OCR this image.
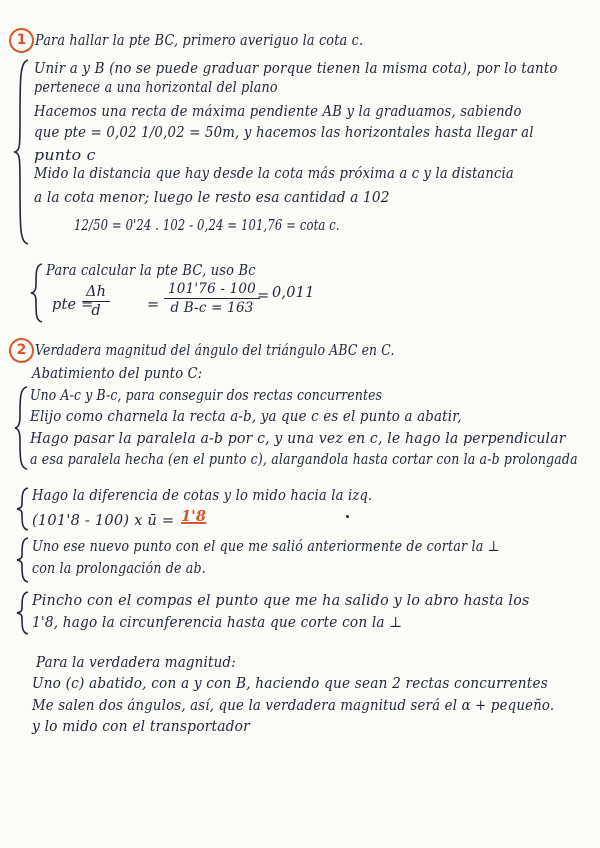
1 Para hallar la pte BC, primero averiguo la cota c.
Unir a y B (no se puede graduar porque tienen la misma cota), por lo tanto
pertenece a una horizontal del plano
Hacemos una recta de máxima pendiente AB y la graduamos, sabiendo
que pte = 0,02 1/0,02 = 50m, y hacemos las horizontales hasta llegar al
punto c
Mido la distancia que hay desde la cota más próxima a c y la distancia
a la cota menor; luego le resto esa cantidad a 102
12/50 = 0'24 . 102 - 0,24 = 101,76 = cota c.
Para calcular la pte BC, uso Bc
pte =
$\frac{\Delta h}{d}$	= $\frac{101'76 - 100}{\text{d B-c = 163}}$
= 0,011
2 Verdadera magnitud del ángulo del triángulo ABC en C.
Abatimiento del punto C:
Uno A-c y B-c, para conseguir dos rectas concurrentes
Elijo como charnela la recta a-b, ya que c es el punto a abatir,
Hago pasar la paralela a-b por c, y una vez en c, le hago la perpendicular
a esa paralela hecha (en el punto c), alargandola hasta cortar con la a-b prolongada
Hago la diferencia de cotas y lo mido hacia la izq.
(101'8 - 100) x ū = 1'8
Uno ese nuevo punto con el que me salió anteriormente de cortar la ⊥
con la prolongación de ab.
Pincho con el compas el punto que me ha salido y lo abro hasta los
1'8, hago la circunferencia hasta que corte con la ⊥
Para la verdadera magnitud:
Uno (c) abatido, con a y con B, haciendo que sean 2 rectas concurrentes
Me salen dos ángulos, así, que la verdadera magnitud será el α + pequeño.
y lo mido con el transportador
